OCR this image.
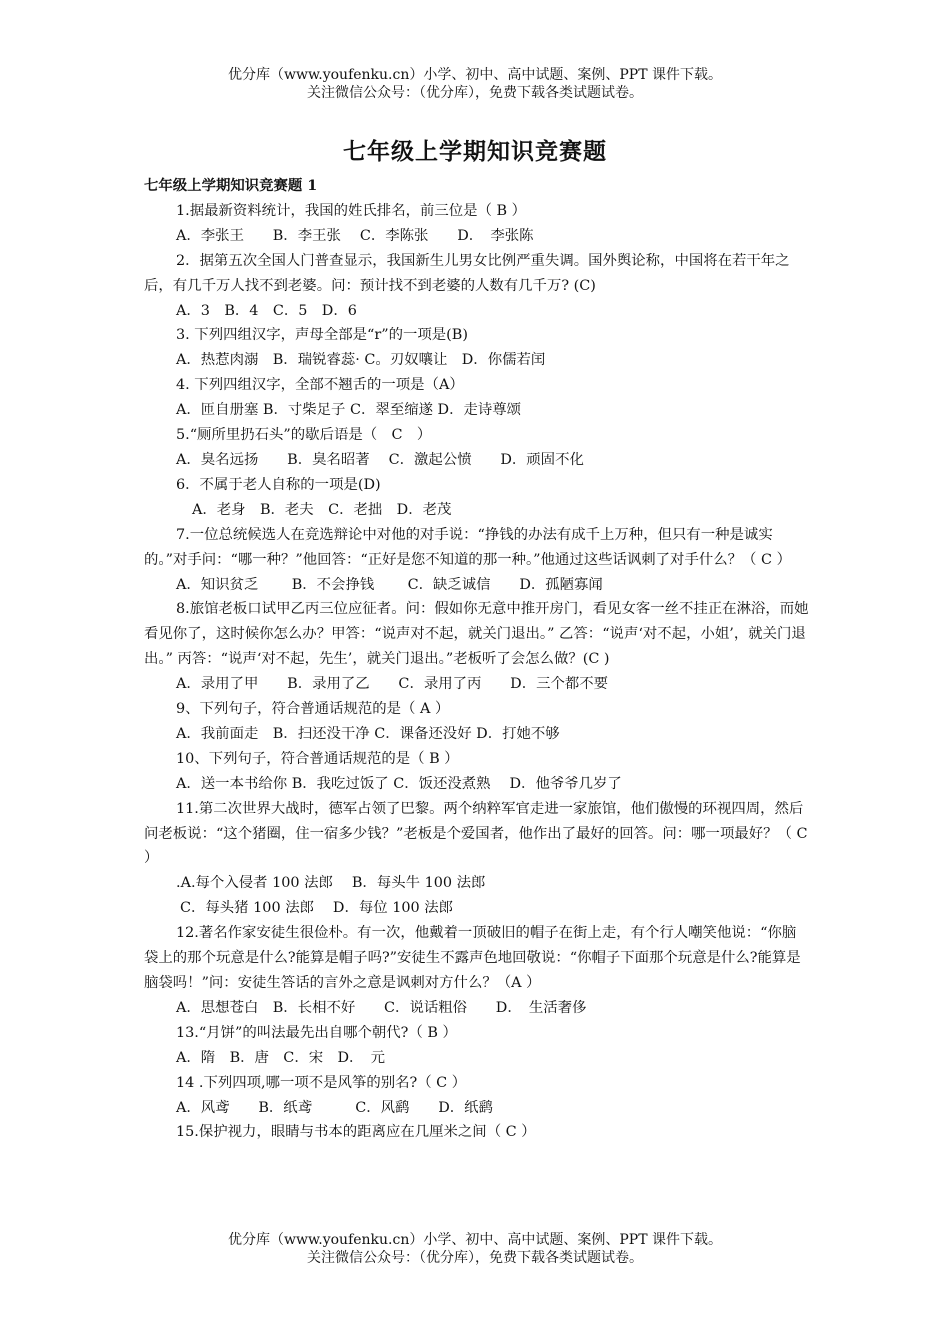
优分库（www.youfenku.cn）小学、初中、高中试题、案例、PPT 课件下载。
关注微信公众号：（优分库），免费下载各类试题试卷。
七年级上学期知识竞赛题

七年级上学期知识竞赛题 1

1.据最新资料统计，我国的姓氏排名，前三位是（ B ）

A．李张王　　B．李王张　 C．李陈张　　D．　李张陈

2．据第五次全国人门普查显示，我国新生儿男女比例严重失调。国外舆论称，中国将在若干年之后，有几千万人找不到老婆。问：预计找不到老婆的人数有几千万? (C)

A．3　B．4　C．5　D．6

3. 下列四组汉字，声母全部是“r”的一项是(B)

A．热惹肉溺　B．瑞锐睿蕊· C。刃奴嚷让　D．你儒若闰

4. 下列四组汉字，全部不翘舌的一项是（A）

A．匝自册塞 B．寸柴足子 C．翠至缩遂 D．走诗尊颂

5.“厕所里扔石头”的歇后语是（　C　）

A．臭名远扬　　B．臭名昭著　 C．激起公愤　　D．顽固不化

6．不属于老人自称的一项是(D)

A．老身　B．老夫　C．老拙　D．老茂

7.一位总统候选人在竞选辩论中对他的对手说：“挣钱的办法有成千上万种，但只有一种是诚实的。”对手问：“哪一种？”他回答：“正好是您不知道的那一种。”他通过这些话讽刺了对手什么？（ C ）

A．知识贫乏　　 B．不会挣钱　　 C．缺乏诚信　　D．孤陋寡闻

8.旅馆老板口试甲乙丙三位应征者。问：假如你无意中推开房门，看见女客一丝不挂正在淋浴，而她看见你了，这时候你怎么办？甲答：“说声对不起，就关门退出。” 乙答：“说声‘对不起，小姐’，就关门退出。” 丙答：“说声‘对不起，先生’，就关门退出。”老板听了会怎么做？(C )

A．录用了甲　　B．录用了乙　　C．录用了丙　　D．三个都不要

9、下列句子，符合普通话规范的是（ A ）

A．我前面走　B．扫还没干净 C．课备还没好 D．打她不够

10、下列句子，符合普通话规范的是（ B ）

A．送一本书给你 B．我吃过饭了 C．饭还没煮熟　 D．他爷爷几岁了

11.第二次世界大战时，德军占领了巴黎。两个纳粹军官走进一家旅馆，他们傲慢的环视四周，然后问老板说：“这个猪圈，住一宿多少钱？”老板是个爱国者，他作出了最好的回答。问：哪一项最好？（ C ）

.A.每个入侵者 100 法郎　 B．每头牛 100 法郎

C．每头猪 100 法郎　 D．每位 100 法郎

12.著名作家安徒生很俭朴。有一次，他戴着一顶破旧的帽子在街上走，有个行人嘲笑他说：“你脑袋上的那个玩意是什么?能算是帽子吗?”安徒生不露声色地回敬说：“你帽子下面那个玩意是什么?能算是脑袋吗！”问：安徒生答话的言外之意是讽刺对方什么？（A ）

A．思想苍白　B．长相不好　　C．说话粗俗　　D．　生活奢侈

13.“月饼”的叫法最先出自哪个朝代?（ B ）

A．隋　B．唐　C．宋　D．　元

14 .下列四项,哪一项不是风筝的别名?（ C ）

A．风鸢　　B．纸鸢　　　C．风鹞　　D．纸鹞

15.保护视力，眼睛与书本的距离应在几厘米之间（ C ）

优分库（www.youfenku.cn）小学、初中、高中试题、案例、PPT 课件下载。
关注微信公众号：（优分库），免费下载各类试题试卷。
